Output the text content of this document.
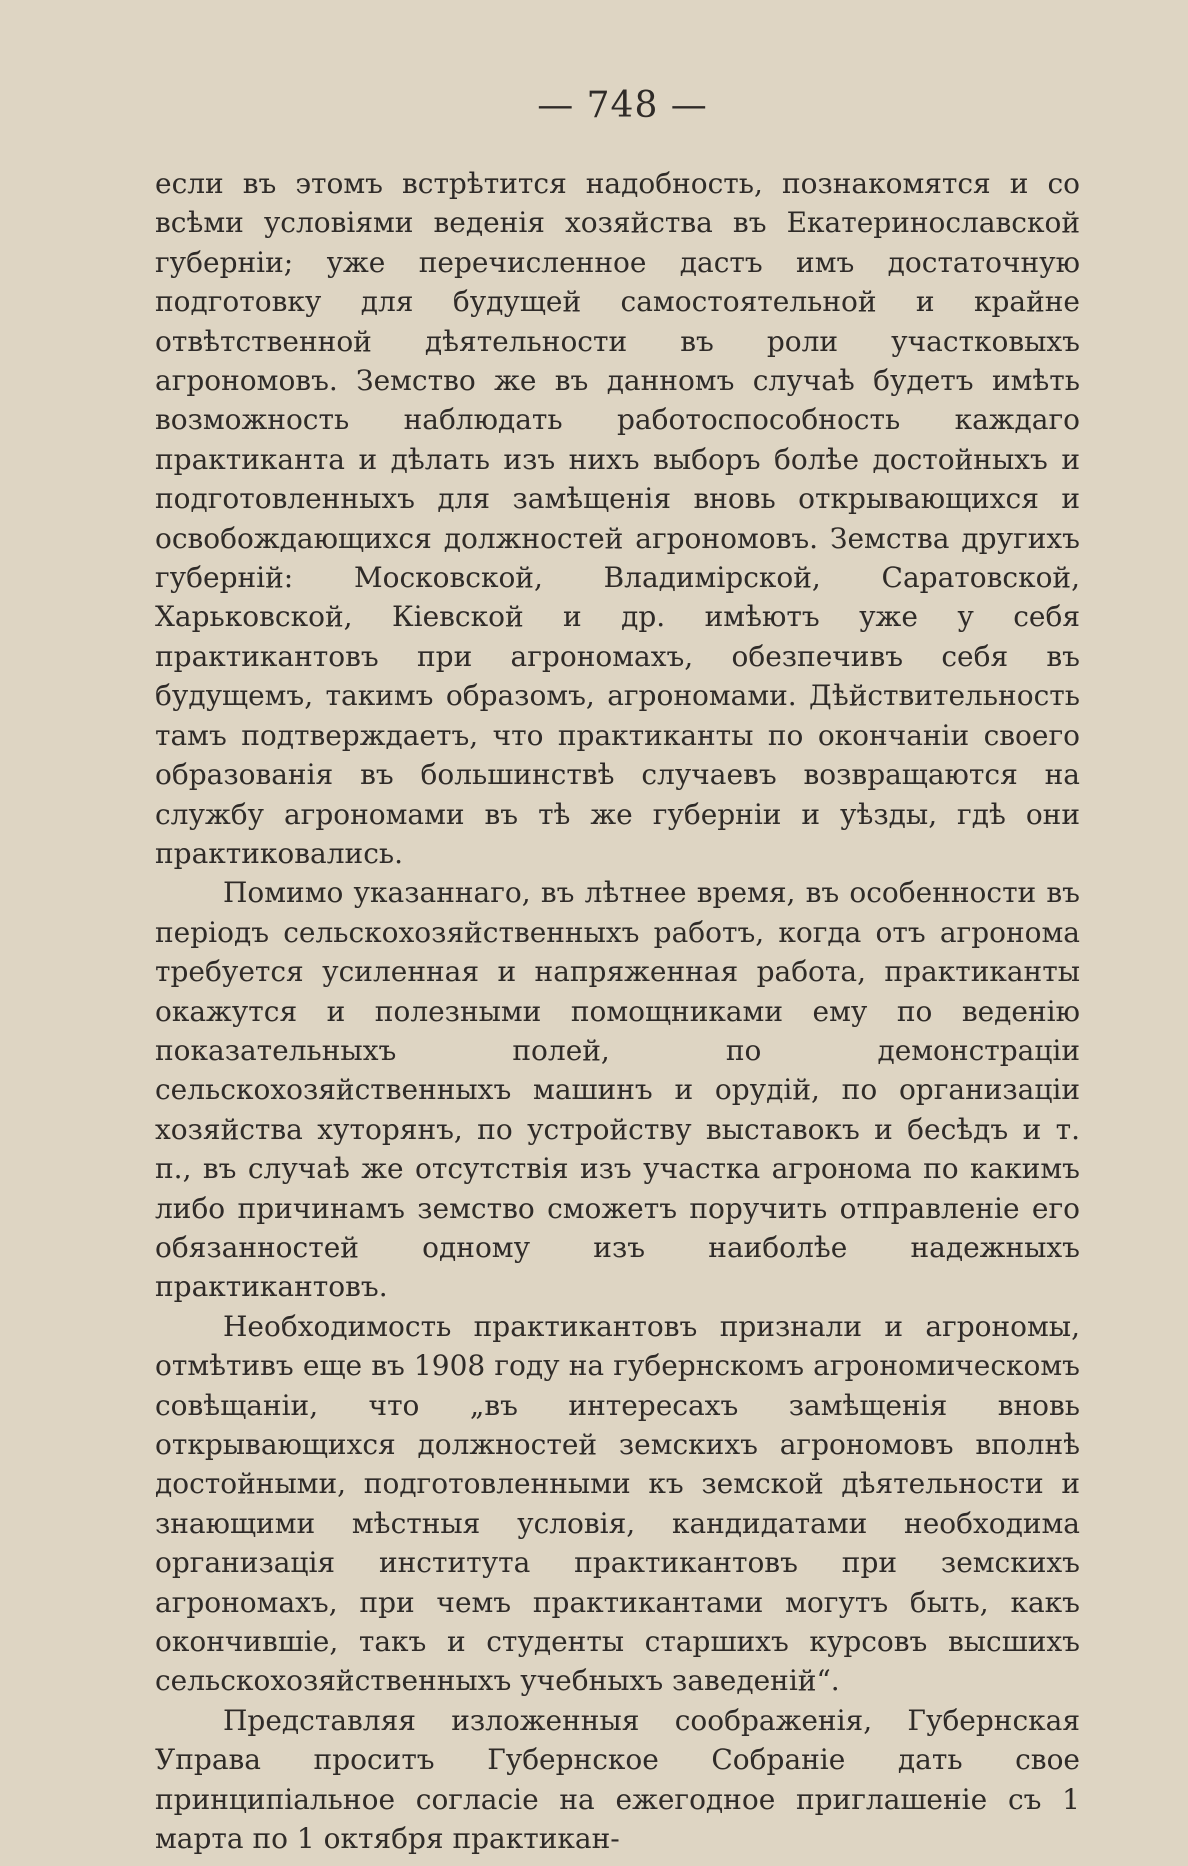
— 748 —

если въ этомъ встрѣтится надобность, познакомятся и со всѣми условіями веденія хозяйства въ Екатеринославской губерніи; уже перечисленное дастъ имъ достаточную подготовку для будущей самостоятельной и крайне отвѣтственной дѣятельности въ роли участковыхъ агрономовъ. Земство же въ данномъ случаѣ будетъ имѣть возможность наблюдать работоспособность каждаго практиканта и дѣлать изъ нихъ выборъ болѣе достойныхъ и подготовленныхъ для замѣщенія вновь открывающихся и освобождающихся должностей агрономовъ. Земства другихъ губерній: Московской, Владимірской, Саратовской, Харьковской, Кіевской и др. имѣютъ уже у себя практикантовъ при агрономахъ, обезпечивъ себя въ будущемъ, такимъ образомъ, агрономами. Дѣйствительность тамъ подтверждаетъ, что практиканты по окончаніи своего образованія въ большинствѣ случаевъ возвращаются на службу агрономами въ тѣ же губерніи и уѣзды, гдѣ они практиковались.

Помимо указаннаго, въ лѣтнее время, въ особенности въ періодъ сельскохозяйственныхъ работъ, когда отъ агронома требуется усиленная и напряженная работа, практиканты окажутся и полезными помощниками ему по веденію показательныхъ полей, по демонстраціи сельскохозяйственныхъ машинъ и орудій, по организаціи хозяйства хуторянъ, по устройству выставокъ и бесѣдъ и т. п., въ случаѣ же отсутствія изъ участка агронома по какимъ либо причинамъ земство сможетъ поручить отправленіе его обязанностей одному изъ наиболѣе надежныхъ практикантовъ.

Необходимость практикантовъ признали и агрономы, отмѣтивъ еще въ 1908 году на губернскомъ агрономическомъ совѣщаніи, что „въ интересахъ замѣщенія вновь открывающихся должностей земскихъ агрономовъ вполнѣ достойными, подготовленными къ земской дѣятельности и знающими мѣстныя условія, кандидатами необходима организація института практикантовъ при земскихъ агрономахъ, при чемъ практикантами могутъ быть, какъ окончившіе, такъ и студенты старшихъ курсовъ высшихъ сельскохозяйственныхъ учебныхъ заведеній“.

Представляя изложенныя соображенія, Губернская Управа проситъ Губернское Собраніе дать свое принципіальное согласіе на ежегодное приглашеніе съ 1 марта по 1 октября практикан-
